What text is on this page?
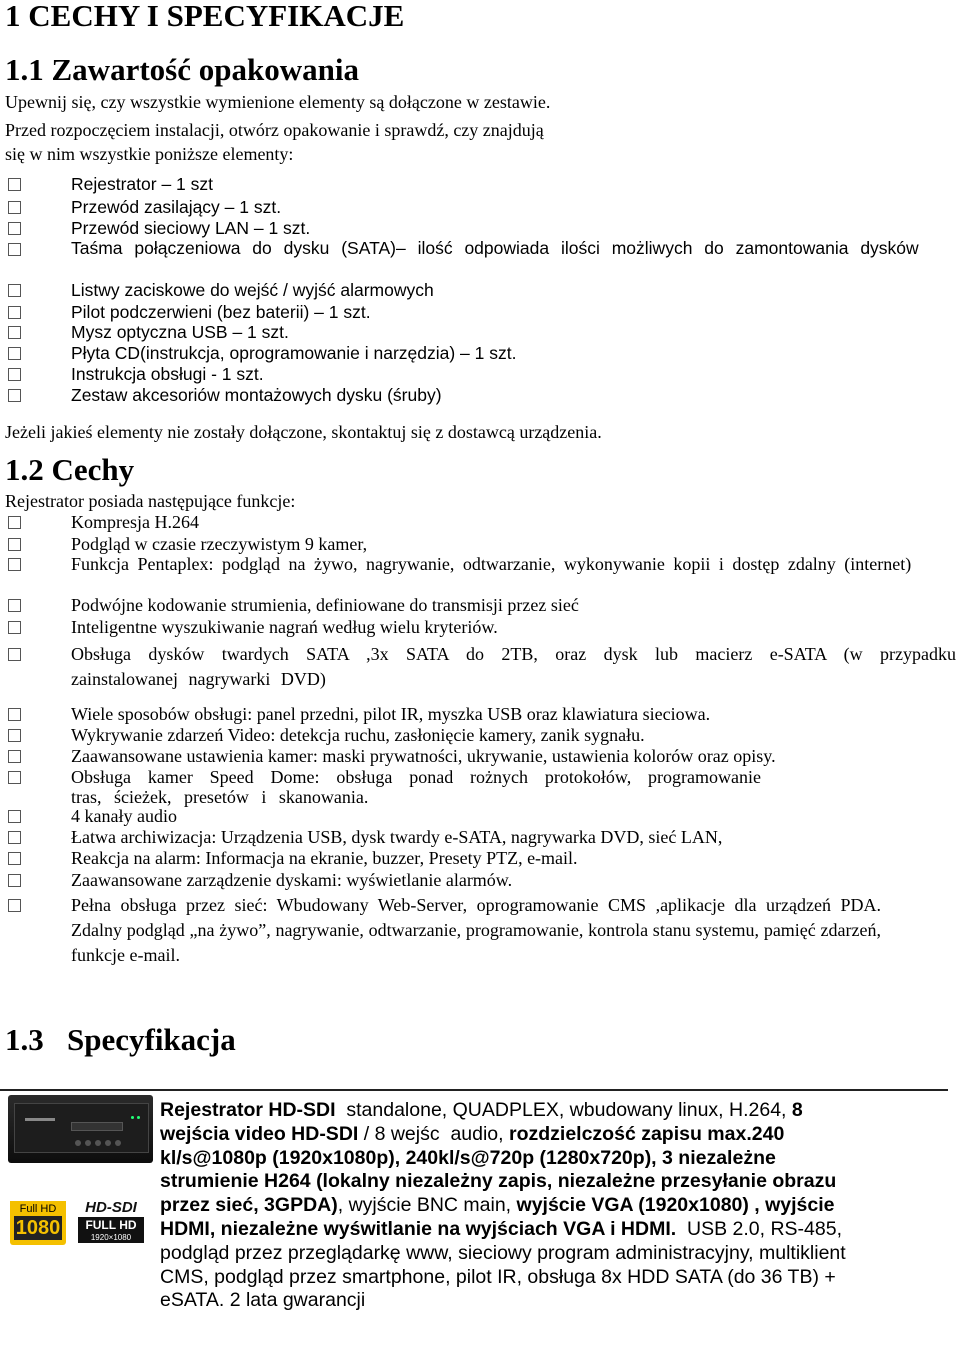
1 CECHY I SPECYFIKACJE
1.1 Zawartość opakowania
Upewnij się, czy wszystkie wymienione elementy są dołączone w zestawie.
Przed rozpoczęciem instalacji, otwórz opakowanie i sprawdź, czy znajdują
się w nim wszystkie poniższe elementy:
Rejestrator – 1 szt
Przewód zasilający – 1 szt.
Przewód sieciowy LAN – 1 szt.
Taśma połączeniowa do dysku (SATA)– ilość odpowiada ilości możliwych do zamontowania dysków
Listwy zaciskowe do wejść / wyjść alarmowych
Pilot podczerwieni (bez baterii) – 1 szt.
Mysz optyczna USB – 1 szt.
Płyta CD(instrukcja, oprogramowanie i narzędzia) – 1 szt.
Instrukcja obsługi - 1 szt.
Zestaw akcesoriów montażowych dysku (śruby)
Jeżeli jakieś elementy nie zostały dołączone, skontaktuj się z dostawcą urządzenia.
1.2 Cechy
Rejestrator posiada następujące funkcje:
Kompresja H.264
Podgląd w czasie rzeczywistym 9 kamer,
Funkcja Pentaplex: podgląd na żywo, nagrywanie, odtwarzanie, wykonywanie kopii i dostęp zdalny (internet)
Podwójne kodowanie strumienia, definiowane do transmisji przez sieć
Inteligentne wyszukiwanie nagrań według wielu kryteriów.
Obsługa dysków twardych SATA ,3x SATA do 2TB, oraz dysk lub macierz e-SATA (w przypadku zainstalowanej nagrywarki DVD)
Wiele sposobów obsługi: panel przedni, pilot IR, myszka USB oraz klawiatura sieciowa.
Wykrywanie zdarzeń Video: detekcja ruchu, zasłonięcie kamery, zanik sygnału.
Zaawansowane ustawienia kamer: maski prywatności, ukrywanie, ustawienia kolorów oraz opisy.
Obsługa kamer Speed Dome: obsługa ponad rożnych protokołów, programowanie tras, ścieżek, presetów i skanowania.
4 kanały audio
Łatwa archiwizacja: Urządzenia USB, dysk twardy e-SATA, nagrywarka DVD, sieć LAN,
Reakcja na alarm: Informacja na ekranie, buzzer, Presety PTZ, e-mail.
Zaawansowane zarządzenie dyskami: wyświetlanie alarmów.
Pełna obsługa przez sieć: Wbudowany Web-Server, oprogramowanie CMS ,aplikacje dla urządzeń PDA. Zdalny podgląd „na żywo”, nagrywanie, odtwarzanie, programowanie, kontrola stanu systemu, pamięć zdarzeń, funkcje e-mail.
1.3   Specyfikacja
Full HD
1080
HD-SDI
FULL HD
1920×1080
Rejestrator HD-SDI  standalone, QUADPLEX, wbudowany linux, H.264, 8
wejścia video HD-SDI / 8 wejśc  audio, rozdzielczość zapisu max.240
kl/s@1080p (1920x1080p), 240kl/s@720p (1280x720p), 3 niezależne
strumienie H264 (lokalny niezależny zapis, niezależne przesyłanie obrazu
przez sieć, 3GPDA), wyjście BNC main, wyjście VGA (1920x1080) , wyjście
HDMI, niezależne wyświtlanie na wyjściach VGA i HDMI.  USB 2.0, RS-485,
podgląd przez przeglądarkę www, sieciowy program administracyjny, multiklient
CMS, podgląd przez smartphone, pilot IR, obsługa 8x HDD SATA (do 36 TB) +
eSATA. 2 lata gwarancji
